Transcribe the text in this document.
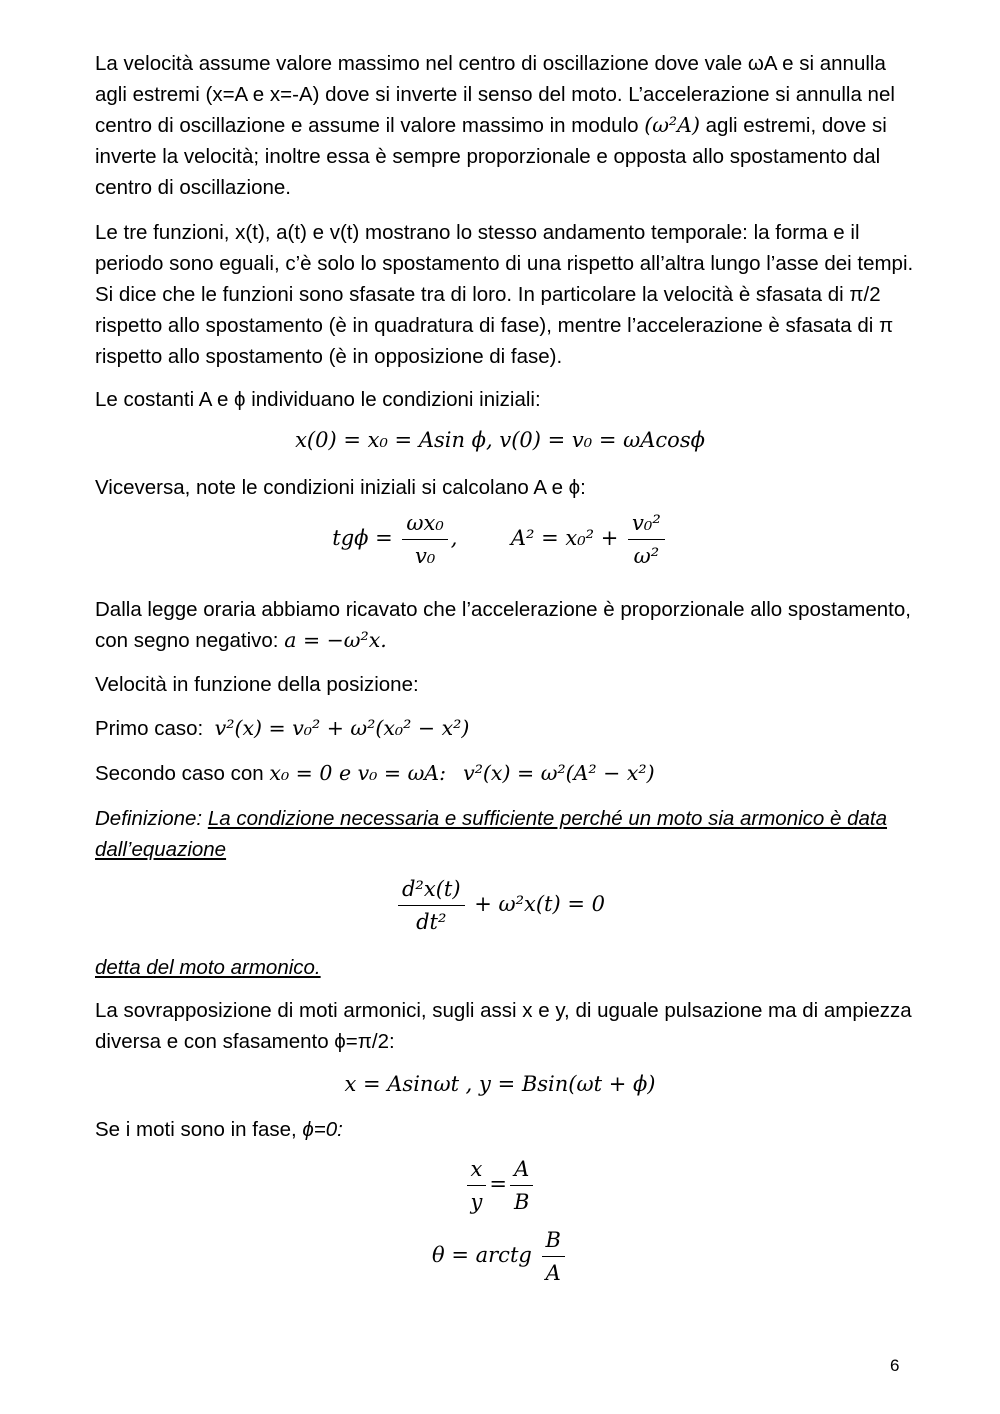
La velocità assume valore massimo nel centro di oscillazione dove vale ωA e si annulla agli estremi (x=A e x=-A) dove si inverte il senso del moto. L’accelerazione si annulla nel centro di oscillazione e assume il valore massimo in modulo (ω²A) agli estremi, dove si inverte la velocità; inoltre essa è sempre proporzionale e opposta allo spostamento dal centro di oscillazione.

Le tre funzioni, x(t), a(t) e v(t) mostrano lo stesso andamento temporale: la forma e il periodo sono eguali, c’è solo lo spostamento di una rispetto all’altra lungo l’asse dei tempi. Si dice che le funzioni sono sfasate tra di loro. In particolare la velocità è sfasata di π/2 rispetto allo spostamento (è in quadratura di fase), mentre l’accelerazione è sfasata di π rispetto allo spostamento (è in opposizione di fase).

Le costanti A e ϕ individuano le condizioni iniziali:

x(0) = x₀ = Asin ϕ, v(0) = v₀ = ωAcosϕ

Viceversa, note le condizioni iniziali si calcolano A e ϕ:

$tg\phi = \frac{\text{ωx₀}}{\text{v₀}}$ ,	$A^2 = x_0^2 + \frac{\text{v₀²}}{\text{ω²}}$

Dalla legge oraria abbiamo ricavato che l’accelerazione è proporzionale allo spostamento, con segno negativo: a = −ω²x.

Velocità in funzione della posizione:

Primo caso: v²(x) = v₀² + ω²(x₀² − x²)

Secondo caso con x₀ = 0 e v₀ = ωA: v²(x) = ω²(A² − x²)

Definizione: La condizione necessaria e sufficiente perché un moto sia armonico è data dall’equazione

$\frac{\text{d²x(t)}}{\text{dt²}} + \omega^2x(t) = 0$

detta del moto armonico.

La sovrapposizione di moti armonici, sugli assi x e y, di uguale pulsazione ma di ampiezza diversa e con sfasamento ϕ=π/2:

x = Asinωt , y = Bsin(ωt + ϕ)

Se i moti sono in fase, ϕ=0:

$\frac{x}{y} = \frac{A}{B}$
θ = arctg $\frac{B}{A}$
6
